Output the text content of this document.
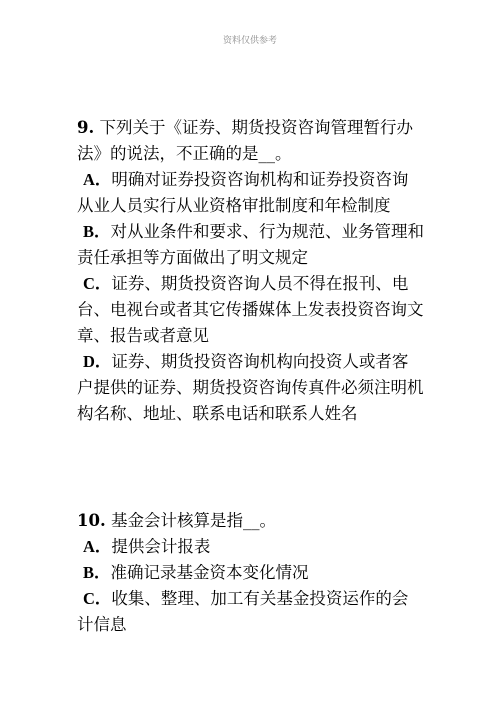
资料仅供参考
9. 下列关于《证券、期货投资咨询管理暂行办
法》的说法，不正确的是__。
A．明确对证券投资咨询机构和证券投资咨询
从业人员实行从业资格审批制度和年检制度
B．对从业条件和要求、行为规范、业务管理和
责任承担等方面做出了明文规定
C．证券、期货投资咨询人员不得在报刊、电
台、电视台或者其它传播媒体上发表投资咨询文
章、报告或者意见
D．证券、期货投资咨询机构向投资人或者客
户提供的证券、期货投资咨询传真件必须注明机
构名称、地址、联系电话和联系人姓名
10. 基金会计核算是指__。
A．提供会计报表
B．准确记录基金资本变化情况
C．收集、整理、加工有关基金投资运作的会
计信息
